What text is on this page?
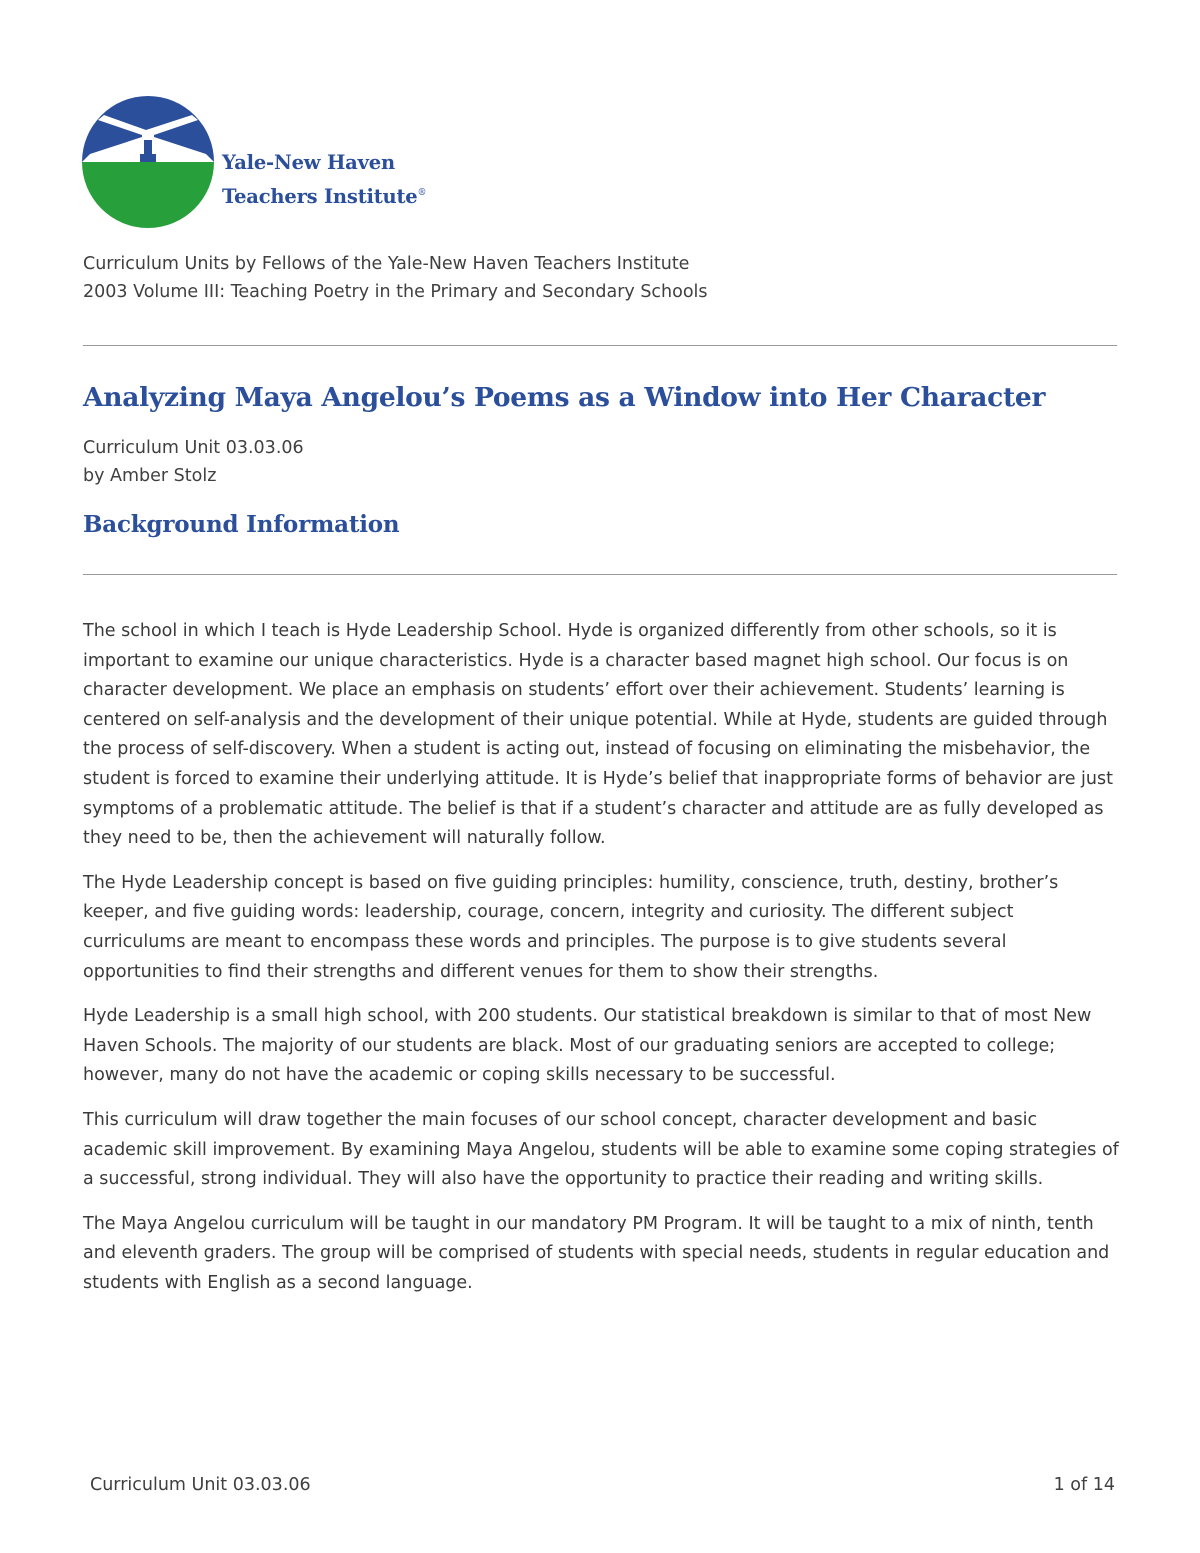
Yale-New Haven
Teachers Institute®
Curriculum Units by Fellows of the Yale-New Haven Teachers Institute
2003 Volume III: Teaching Poetry in the Primary and Secondary Schools
Analyzing Maya Angelou’s Poems as a Window into Her Character
Curriculum Unit 03.03.06
by Amber Stolz
Background Information

The school in which I teach is Hyde Leadership School. Hyde is organized differently from other schools, so it is important to examine our unique characteristics. Hyde is a character based magnet high school. Our focus is on character development. We place an emphasis on students’ effort over their achievement. Students’ learning is centered on self-analysis and the development of their unique potential. While at Hyde, students are guided through the process of self-discovery. When a student is acting out, instead of focusing on eliminating the misbehavior, the student is forced to examine their underlying attitude. It is Hyde’s belief that inappropriate forms of behavior are just symptoms of a problematic attitude. The belief is that if a student’s character and attitude are as fully developed as they need to be, then the achievement will naturally follow.

The Hyde Leadership concept is based on five guiding principles: humility, conscience, truth, destiny, brother’s keeper, and five guiding words: leadership, courage, concern, integrity and curiosity. The different subject curriculums are meant to encompass these words and principles. The purpose is to give students several opportunities to find their strengths and different venues for them to show their strengths.

Hyde Leadership is a small high school, with 200 students. Our statistical breakdown is similar to that of most New Haven Schools. The majority of our students are black. Most of our graduating seniors are accepted to college; however, many do not have the academic or coping skills necessary to be successful.

This curriculum will draw together the main focuses of our school concept, character development and basic academic skill improvement. By examining Maya Angelou, students will be able to examine some coping strategies of a successful, strong individual. They will also have the opportunity to practice their reading and writing skills.

The Maya Angelou curriculum will be taught in our mandatory PM Program. It will be taught to a mix of ninth, tenth and eleventh graders. The group will be comprised of students with special needs, students in regular education and students with English as a second language.

Curriculum Unit 03.03.06	1 of 14
